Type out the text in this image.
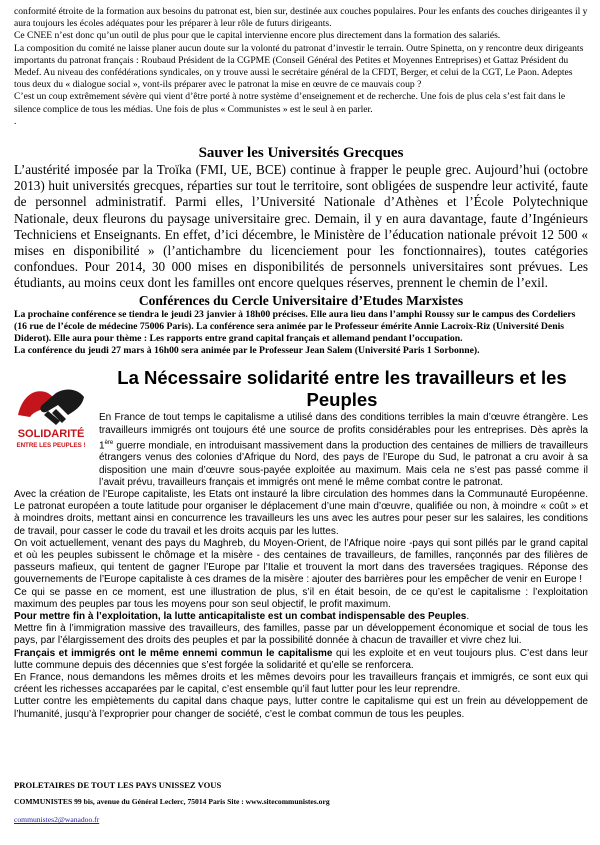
conformité étroite de la formation aux besoins du patronat est, bien sur, destinée aux couches populaires. Pour les enfants des couches dirigeantes il y aura toujours les écoles adéquates pour les préparer à leur rôle de futurs dirigeants.

Ce CNEE n’est donc qu’un outil de plus pour que le capital intervienne encore plus directement dans la formation des salariés.

La composition du comité ne laisse planer aucun doute sur la volonté du patronat d’investir le terrain. Outre Spinetta, on y rencontre deux dirigeants importants du patronat français : Roubaud Président de la CGPME (Conseil Général des Petites et Moyennes Entreprises) et Gattaz Président du Medef. Au niveau des confédérations syndicales, on y trouve aussi le secrétaire général de la CFDT, Berger, et celui de la CGT, Le Paon. Adeptes tous deux du « dialogue social », vont-ils préparer avec le patronat la mise en œuvre de ce mauvais coup ?

C’est un coup extrêmement sévère qui vient d’être porté à notre système d’enseignement et de recherche. Une fois de plus cela s’est fait dans le silence complice de tous les médias. Une fois de plus « Communistes » est le seul à en parler.

.

Sauver les Universités Grecques

L’austérité imposée par la Troïka (FMI, UE, BCE) continue à frapper le peuple grec. Aujourd’hui (octobre 2013) huit universités grecques, réparties sur tout le territoire, sont obligées de suspendre leur activité, faute de personnel administratif. Parmi elles, l’Université Nationale d’Athènes et l’École Polytechnique Nationale, deux fleurons du paysage universitaire grec. Demain, il y en aura davantage, faute d’Ingénieurs Techniciens et Enseignants. En effet, d’ici décembre, le Ministère de l’éducation nationale prévoit 12 500 « mises en disponibilité » (l’antichambre du licenciement pour les fonctionnaires), toutes catégories confondues. Pour 2014, 30 000 mises en disponibilités de personnels universitaires sont prévues. Les étudiants, au moins ceux dont les familles ont encore quelques réserves, prennent le chemin de l’exil.

Conférences du Cercle Universitaire d’Etudes Marxistes

La prochaine conférence se tiendra le jeudi 23 janvier à 18h00 précises. Elle aura lieu dans l’amphi Roussy sur le campus des Cordeliers (16 rue de l’école de médecine 75006 Paris). La conférence sera animée par le Professeur émérite Annie Lacroix-Riz (Université Denis Diderot). Elle aura pour thème : Les rapports entre grand capital français et allemand pendant l’occupation.

La conférence du jeudi 27 mars à 16h00 sera animée par le Professeur Jean Salem (Université Paris 1 Sorbonne).

SOLIDARITÉ
ENTRE LES PEUPLES !
La Nécessaire solidarité entre les travailleurs et les Peuples

En France de tout temps le capitalisme a utilisé dans des conditions terribles la main d’œuvre étrangère. Les travailleurs immigrés ont toujours été une source de profits considérables pour les entreprises. Dès après la 1ère guerre mondiale, en introduisant massivement dans la production des centaines de milliers de travailleurs étrangers venus des colonies d’Afrique du Nord, des pays de l’Europe du Sud, le patronat a cru avoir à sa disposition une main d’œuvre sous-payée exploitée au maximum. Mais cela ne s’est pas passé comme il l’avait prévu, travailleurs français et immigrés ont mené le même combat contre le patronat.

Avec la création de l’Europe capitaliste, les Etats ont instauré la libre circulation des hommes dans la Communauté Européenne. Le patronat européen a toute latitude pour organiser le déplacement d’une main d’œuvre, qualifiée ou non, à moindre « coût » et à moindres droits, mettant ainsi en concurrence les travailleurs les uns avec les autres pour peser sur les salaires, les conditions de travail, pour casser le code du travail et les droits acquis par les luttes.

On voit actuellement, venant des pays du Maghreb, du Moyen-Orient, de l’Afrique noire -pays qui sont pillés par le grand capital et où les peuples subissent le chômage et la misère - des centaines de travailleurs, de familles, rançonnés par des filières de passeurs mafieux, qui tentent de gagner l’Europe par l’Italie et trouvent la mort dans des traversées tragiques. Réponse des gouvernements de l’Europe capitaliste à ces drames de la misère : ajouter des barrières pour les empêcher de venir en Europe !

Ce qui se passe en ce moment, est une illustration de plus, s’il en était besoin, de ce qu’est le capitalisme : l’exploitation maximum des peuples par tous les moyens pour son seul objectif, le profit maximum.

Pour mettre fin à l’exploitation, la lutte anticapitaliste est un combat indispensable des Peuples.

Mettre fin à l’immigration massive des travailleurs, des familles, passe par un développement économique et social de tous les pays, par l’élargissement des droits des peuples et par la possibilité donnée à chacun de travailler et vivre chez lui.

Français et immigrés ont le même ennemi commun le capitalisme qui les exploite et en veut toujours plus. C’est dans leur lutte commune depuis des décennies que s’est forgée la solidarité et qu’elle se renforcera.

En France, nous demandons les mêmes droits et les mêmes devoirs pour les travailleurs français et immigrés, ce sont eux qui créent les richesses accaparées par le capital, c’est ensemble qu’il faut lutter pour les leur reprendre.

Lutter contre les empiètements du capital dans chaque pays, lutter contre le capitalisme qui est un frein au développement de l’humanité, jusqu’à l’exproprier pour changer de société, c’est le combat commun de tous les peuples.

PROLETAIRES DE TOUT LES PAYS UNISSEZ VOUS

COMMUNISTES 99 bis, avenue du Général Leclerc, 75014 Paris Site : www.sitecommunistes.org

communistes2@wanadoo.fr
